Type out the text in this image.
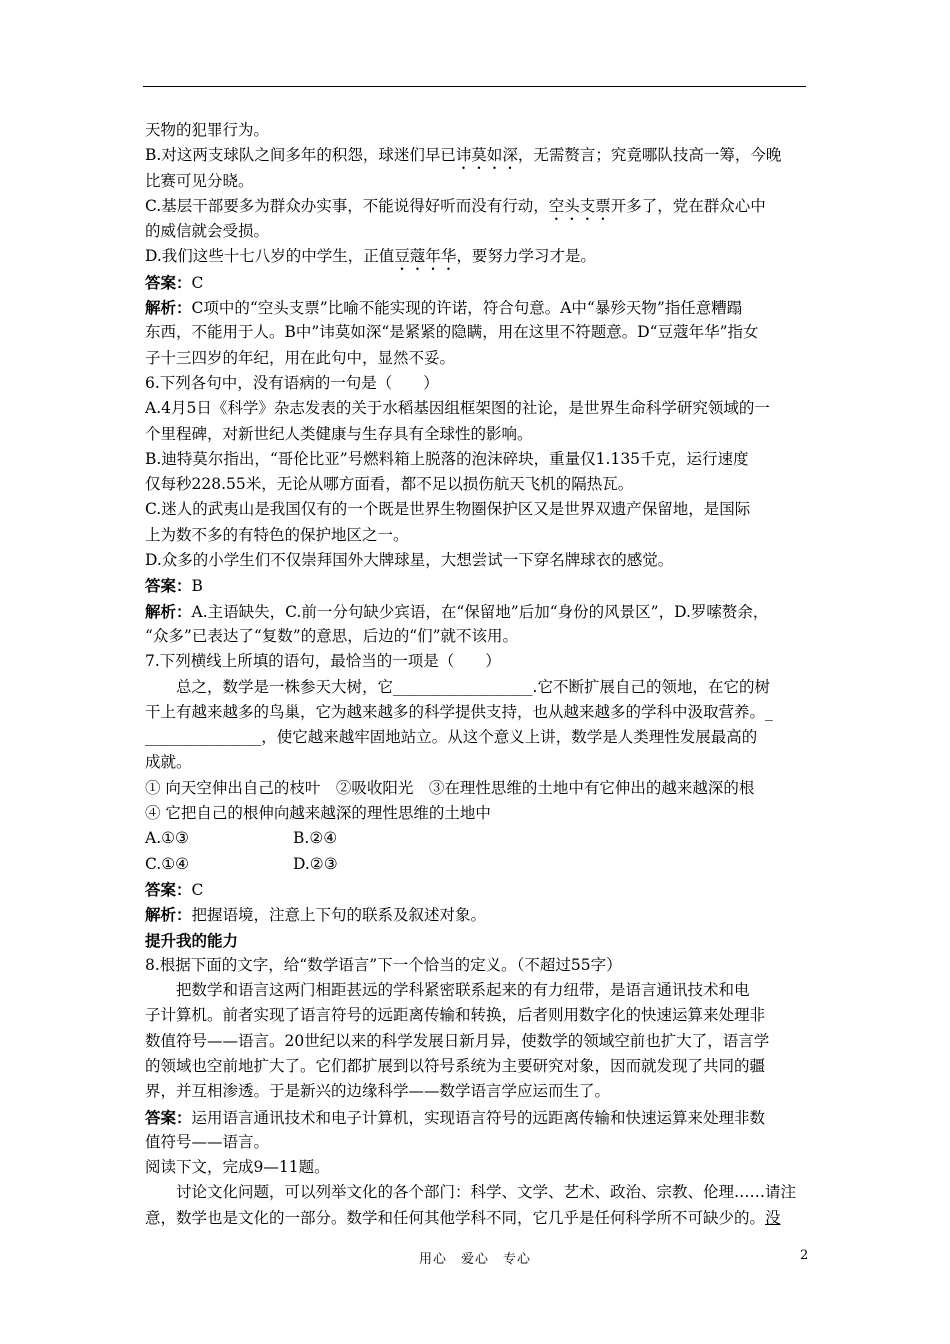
天物的犯罪行为。
B.对这两支球队之间多年的积怨，球迷们早已讳莫如深，无需赘言；究竟哪队技高一筹，今晚
比赛可见分晓。
C.基层干部要多为群众办实事，不能说得好听而没有行动，空头支票开多了，党在群众心中
的威信就会受损。
D.我们这些十七八岁的中学生，正值豆蔻年华，要努力学习才是。
答案：C
解析：C项中的“空头支票”比喻不能实现的许诺，符合句意。A中“暴殄天物”指任意糟蹋
东西，不能用于人。B中”讳莫如深“是紧紧的隐瞒，用在这里不符题意。D“豆蔻年华”指女
子十三四岁的年纪，用在此句中，显然不妥。
6.下列各句中，没有语病的一句是（　　）
A.4月5日《科学》杂志发表的关于水稻基因组框架图的社论，是世界生命科学研究领域的一
个里程碑，对新世纪人类健康与生存具有全球性的影响。
B.迪特莫尔指出，“哥伦比亚”号燃料箱上脱落的泡沫碎块，重量仅1.135千克，运行速度
仅每秒228.55米，无论从哪方面看，都不足以损伤航天飞机的隔热瓦。
C.迷人的武夷山是我国仅有的一个既是世界生物圈保护区又是世界双遗产保留地，是国际
上为数不多的有特色的保护地区之一。
D.众多的小学生们不仅崇拜国外大牌球星，大想尝试一下穿名牌球衣的感觉。
答案：B
解析：A.主语缺失，C.前一分句缺少宾语，在“保留地”后加“身份的风景区”，D.罗嗦赘余，
“众多”已表达了“复数”的意思，后边的“们”就不该用。
7.下列横线上所填的语句，最恰当的一项是（　　）
总之，数学是一株参天大树，它__________________.它不断扩展自己的领地，在它的树
干上有越来越多的鸟巢，它为越来越多的科学提供支持，也从越来越多的学科中汲取营养。_
_______________，使它越来越牢固地站立。从这个意义上讲，数学是人类理性发展最高的
成就。
① 向天空伸出自己的枝叶　②吸收阳光　③在理性思维的土地中有它伸出的越来越深的根
④ 它把自己的根伸向越来越深的理性思维的土地中
A.①③	B.②④
C.①④	D.②③
答案：C
解析：把握语境，注意上下句的联系及叙述对象。
提升我的能力
8.根据下面的文字，给“数学语言”下一个恰当的定义。（不超过55字）
把数学和语言这两门相距甚远的学科紧密联系起来的有力纽带，是语言通讯技术和电
子计算机。前者实现了语言符号的远距离传输和转换，后者则用数字化的快速运算来处理非
数值符号——语言。20世纪以来的科学发展日新月异，使数学的领域空前也扩大了，语言学
的领域也空前地扩大了。它们都扩展到以符号系统为主要研究对象，因而就发现了共同的疆
界，并互相渗透。于是新兴的边缘科学——数学语言学应运而生了。
答案：运用语言通讯技术和电子计算机，实现语言符号的远距离传输和快速运算来处理非数
值符号——语言。
阅读下文，完成9—11题。
讨论文化问题，可以列举文化的各个部门：科学、文学、艺术、政治、宗教、伦理……请注
意，数学也是文化的一部分。数学和任何其他学科不同，它几乎是任何科学所不可缺少的。没
用心　爱心　专心	2
